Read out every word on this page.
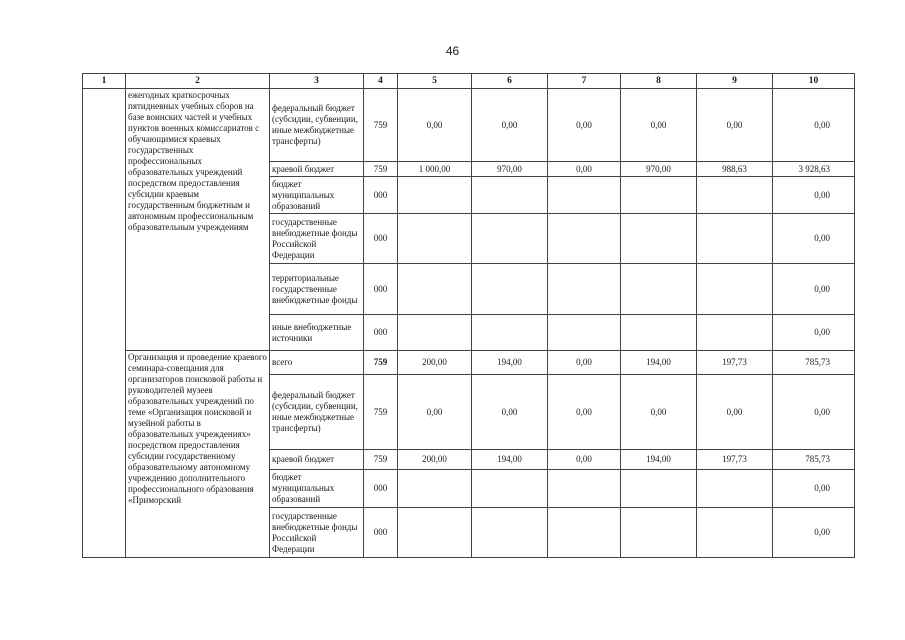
46
1	2	3	4	5	6	7	8	9	10
	ежегодных краткосрочных пятидневных учебных сборов на базе воинских частей и учебных пунктов военных комиссариатов с обучающимися краевых государственных профессиональных образовательных учреждений посредством предоставления субсидии краевым государственным бюджетным и автономным профессиональным образовательным учреждениям	федеральный бюджет (субсидии, субвенции, иные межбюджетные трансферты)	759	0,00	0,00	0,00	0,00	0,00	0,00
		краевой бюджет	759	1 000,00	970,00	0,00	970,00	988,63	3 928,63
		бюджет муниципальных образований	000						0,00
		государственные внебюджетные фонды Российской Федерации	000						0,00
		территориальные государственные внебюджетные фонды	000						0,00
		иные внебюджетные источники	000						0,00
	Организация и проведение краевого семинара-совещания для организаторов поисковой работы и руководителей музеев образовательных учреждений по теме «Организация поисковой и музейной работы в образовательных учреждениях» посредством предоставления субсидии государственному образовательному автономному учреждению дополнительного профессионального образования «Приморский	всего	759	200,00	194,00	0,00	194,00	197,73	785,73
		федеральный бюджет (субсидии, субвенции, иные межбюджетные трансферты)	759	0,00	0,00	0,00	0,00	0,00	0,00
		краевой бюджет	759	200,00	194,00	0,00	194,00	197,73	785,73
		бюджет муниципальных образований	000						0,00
		государственные внебюджетные фонды Российской Федерации	000						0,00
